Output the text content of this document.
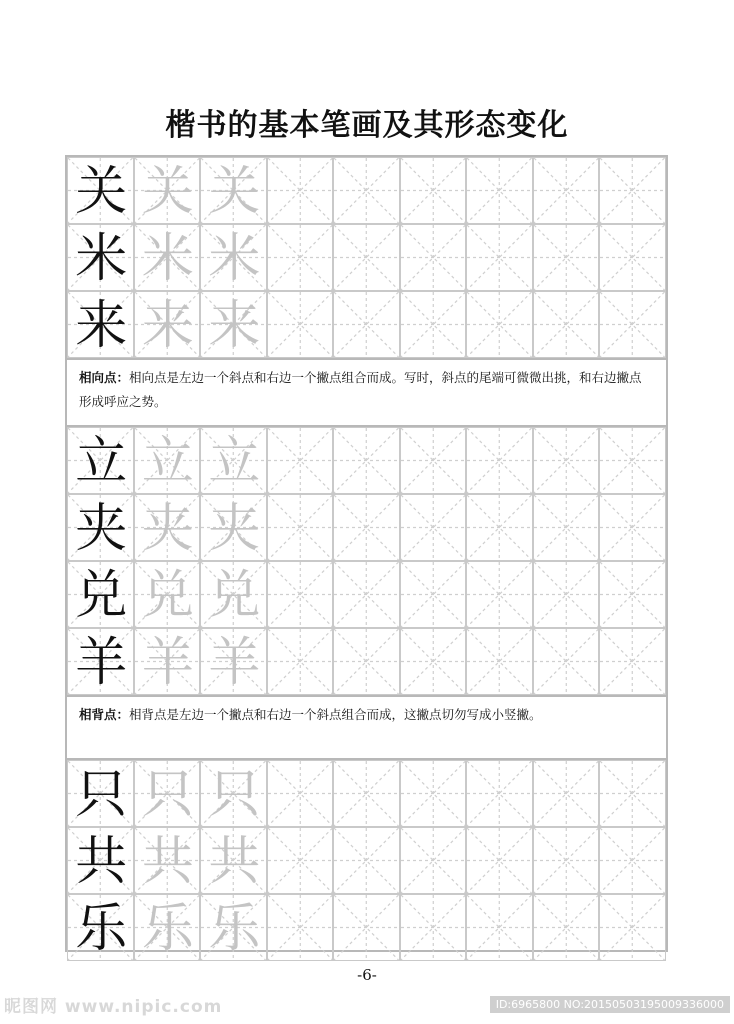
楷书的基本笔画及其形态变化
关 关 关
米 米 米
来 来 来
相向点：相向点是左边一个斜点和右边一个撇点组合而成。写时，斜点的尾端可微微出挑，和右边撇点形成呼应之势。
立 立 立
夹 夹 夹
兑 兑 兑
羊 羊 羊
相背点：相背点是左边一个撇点和右边一个斜点组合而成，这撇点切勿写成小竖撇。
只 只 只
共 共 共
乐 乐 乐
-6-
昵图网 www.nipic.com	ID:6965800 NO:20150503195009336000
